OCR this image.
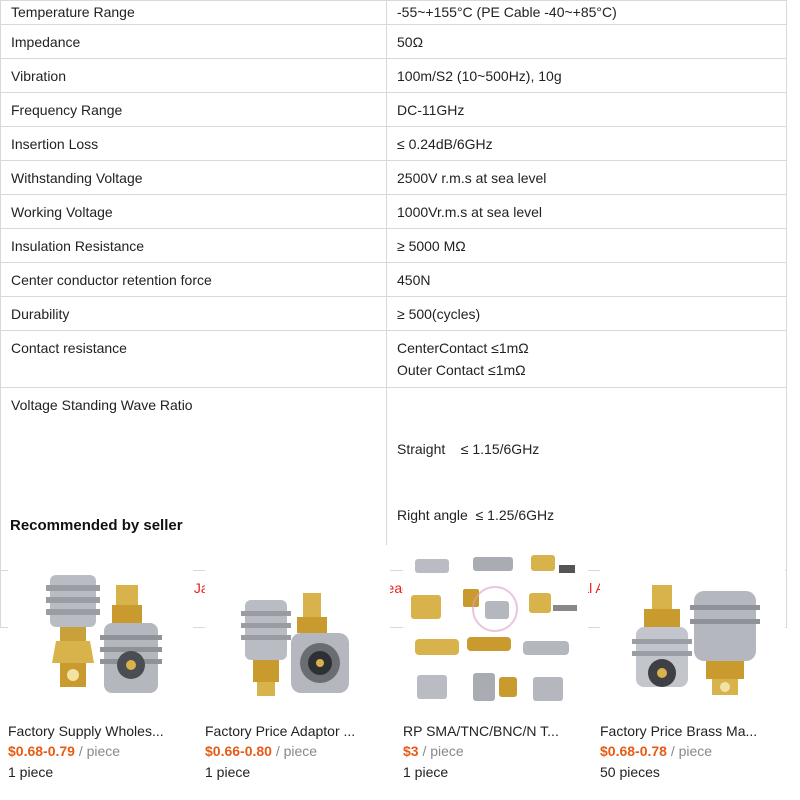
Temperature Range	-55~+155°C (PE Cable -40~+85°C)
Impedance	50Ω
Vibration	100m/S2 (10~500Hz), 10g
Frequency Range	DC-11GHz
Insertion Loss	≤ 0.24dB/6GHz
Withstanding Voltage	2500V r.m.s at sea level
Working Voltage	1000Vr.m.s at sea level
Insulation Resistance	≥ 5000 MΩ
Center conductor retention force	450N
Durability	≥ 500(cycles)
Contact resistance	CenterContact ≤1mΩ
Outer Contact ≤1mΩ

Voltage Standing Wave Ratio	Straight    ≤ 1.15/6GHz

Right angle  ≤ 1.25/6GHz

Recommended by seller
Factory Supply Wholes...
$0.68-0.79 / piece
1 piece
Factory Price Adaptor ...
$0.66-0.80 / piece
1 piece
RP SMA/TNC/BNC/N T...
$3 / piece
1 piece
Factory Price Brass Ma...
$0.68-0.78 / piece
50 pieces
